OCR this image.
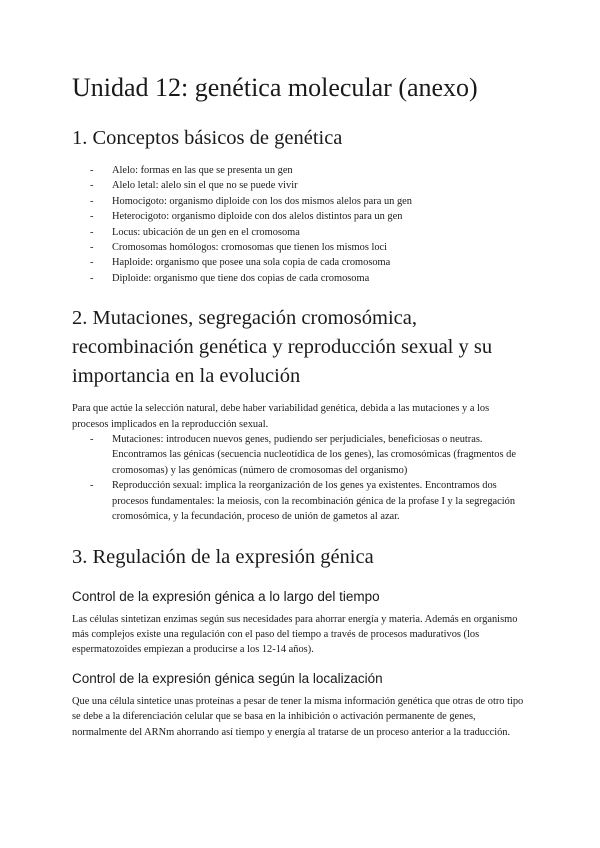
Unidad 12: genética molecular (anexo)
1. Conceptos básicos de genética
- Alelo: formas en las que se presenta un gen
- Alelo letal: alelo sin el que no se puede vivir
- Homocigoto: organismo diploide con los dos mismos alelos para un gen
- Heterocigoto: organismo diploide con dos alelos distintos para un gen
- Locus: ubicación de un gen en el cromosoma
- Cromosomas homólogos: cromosomas que tienen los mismos loci
- Haploide: organismo que posee una sola copia de cada cromosoma
- Diploide: organismo que tiene dos copias de cada cromosoma
2. Mutaciones, segregación cromosómica, recombinación genética y reproducción sexual y su importancia en la evolución

Para que actúe la selección natural, debe haber variabilidad genética, debida a las mutaciones y a los procesos implicados en la reproducción sexual.

- Mutaciones: introducen nuevos genes, pudiendo ser perjudiciales, beneficiosas o neutras. Encontramos las génicas (secuencia nucleotídica de los genes), las cromosómicas (fragmentos de cromosomas) y las genómicas (número de cromosomas del organismo)
- Reproducción sexual: implica la reorganización de los genes ya existentes. Encontramos dos procesos fundamentales: la meiosis, con la recombinación génica de la profase I y la segregación cromosómica, y la fecundación, proceso de unión de gametos al azar.
3. Regulación de la expresión génica
Control de la expresión génica a lo largo del tiempo

Las células sintetizan enzimas según sus necesidades para ahorrar energía y materia. Además en organismo más complejos existe una regulación con el paso del tiempo a través de procesos madurativos (los espermatozoides empiezan a producirse a los 12-14 años).

Control de la expresión génica según la localización

Que una célula sintetice unas proteínas a pesar de tener la misma información genética que otras de otro tipo se debe a la diferenciación celular que se basa en la inhibición o activación permanente de genes, normalmente del ARNm ahorrando así tiempo y energía al tratarse de un proceso anterior a la traducción.
